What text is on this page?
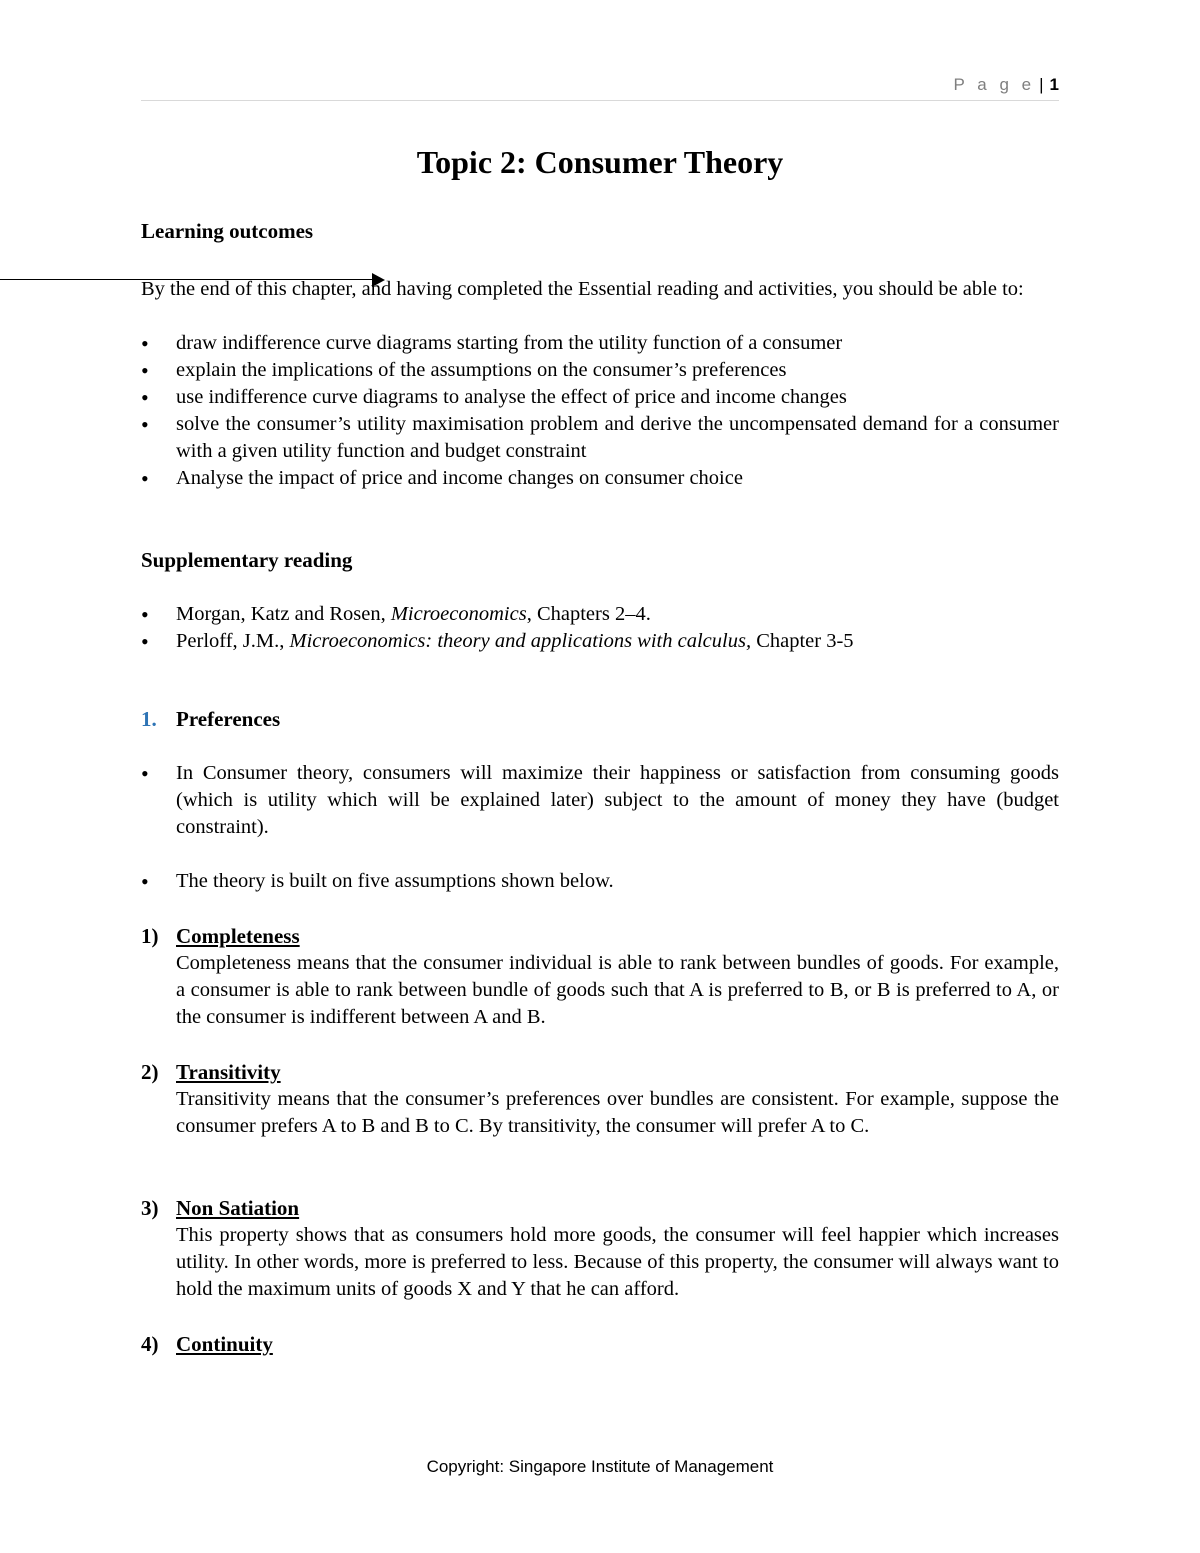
P a g e | 1
Topic 2: Consumer Theory
Learning outcomes

By the end of this chapter, and having completed the Essential reading and activities, you should be able to:

• draw indifference curve diagrams starting from the utility function of a consumer
• explain the implications of the assumptions on the consumer’s preferences
• use indifference curve diagrams to analyse the effect of price and income changes
• solve the consumer’s utility maximisation problem and derive the uncompensated demand for a consumer with a given utility function and budget constraint
• Analyse the impact of price and income changes on consumer choice
Supplementary reading
• Morgan, Katz and Rosen, Microeconomics, Chapters 2–4.
• Perloff, J.M., Microeconomics: theory and applications with calculus, Chapter 3-5
1. Preferences
• In Consumer theory, consumers will maximize their happiness or satisfaction from consuming goods (which is utility which will be explained later) subject to the amount of money they have (budget constraint).
• The theory is built on five assumptions shown below.
1) Completeness

Completeness means that the consumer individual is able to rank between bundles of goods. For example, a consumer is able to rank between bundle of goods such that A is preferred to B, or B is preferred to A, or the consumer is indifferent between A and B.

2) Transitivity

Transitivity means that the consumer’s preferences over bundles are consistent. For example, suppose the consumer prefers A to B and B to C. By transitivity, the consumer will prefer A to C.

3) Non Satiation

This property shows that as consumers hold more goods, the consumer will feel happier which increases utility. In other words, more is preferred to less. Because of this property, the consumer will always want to hold the maximum units of goods X and Y that he can afford.

4) Continuity
Copyright: Singapore Institute of Management
